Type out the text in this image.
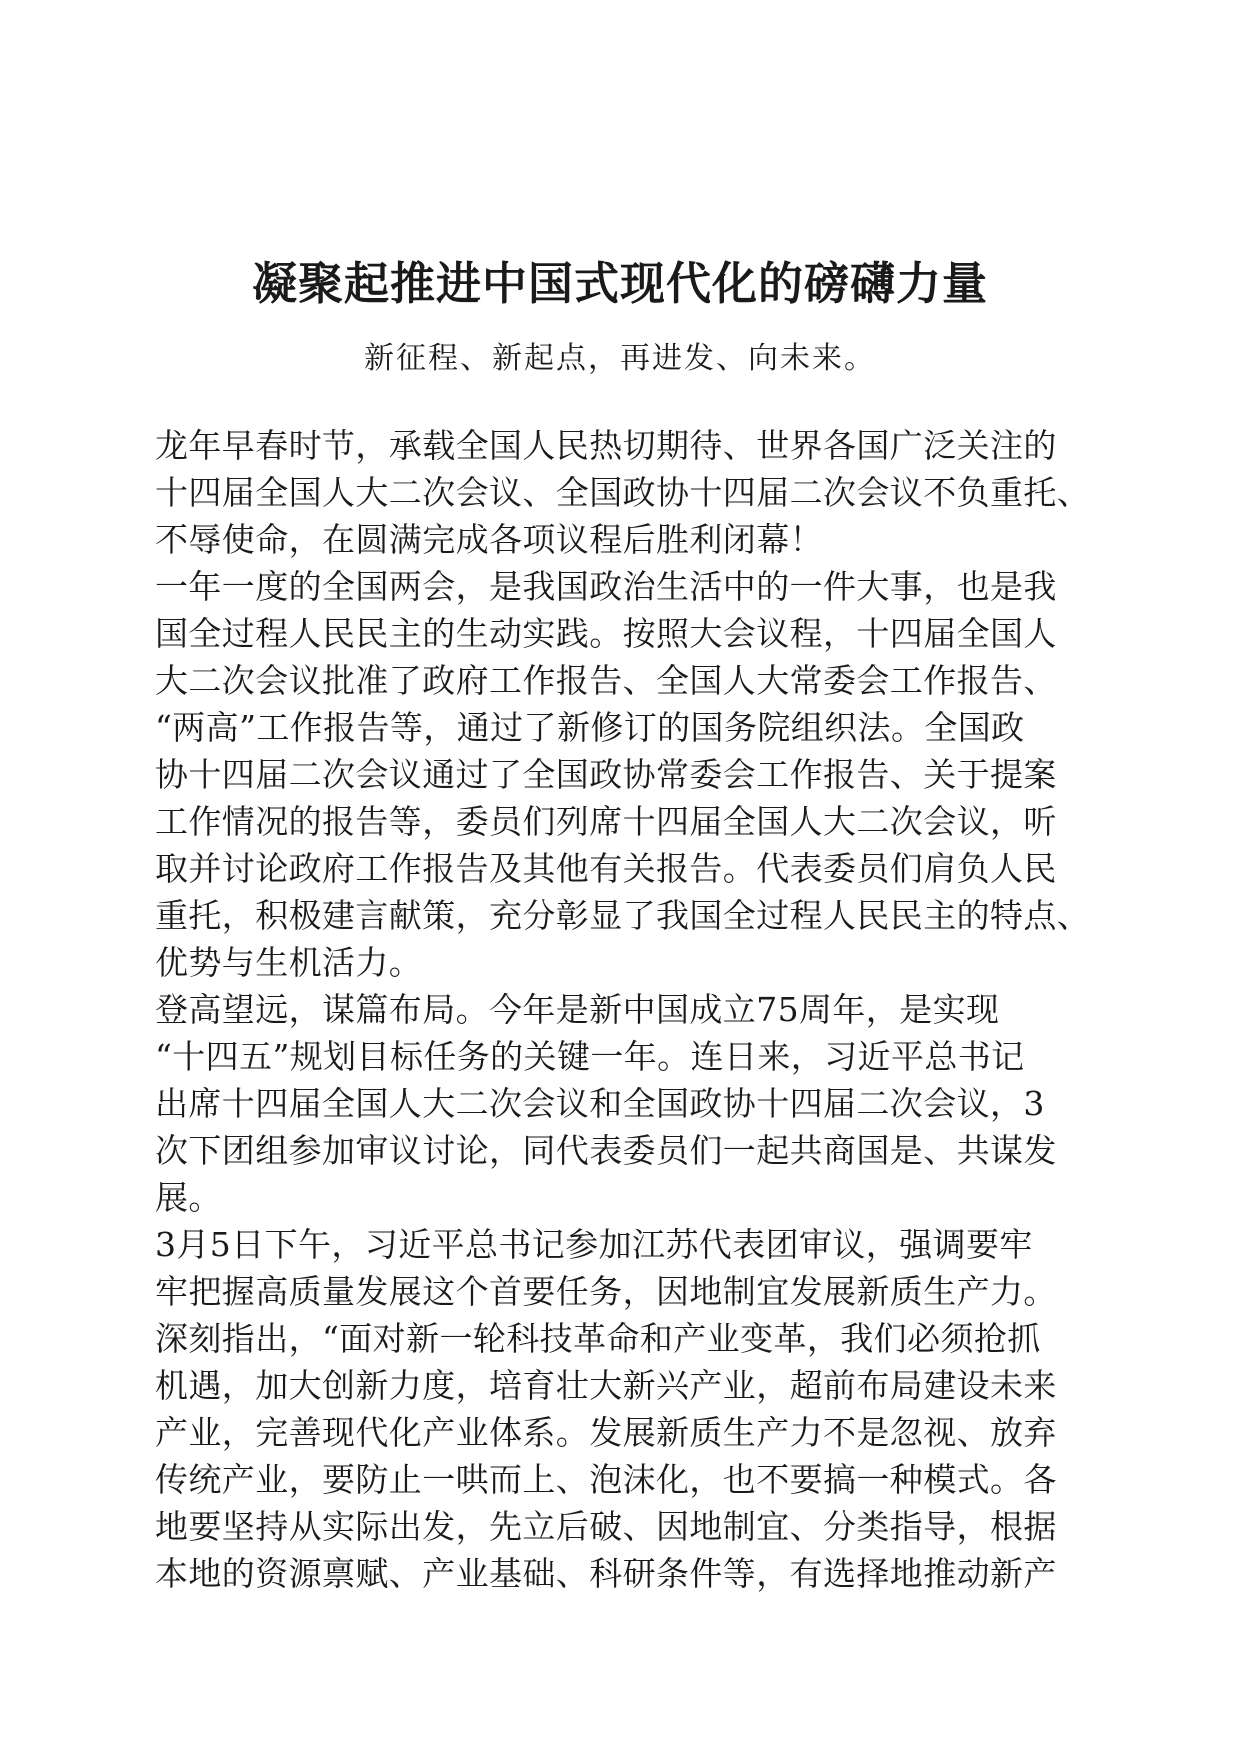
凝聚起推进中国式现代化的磅礴力量
新征程、新起点，再进发、向未来。
龙年早春时节，承载全国人民热切期待、世界各国广泛关注的
十四届全国人大二次会议、全国政协十四届二次会议不负重托、
不辱使命，在圆满完成各项议程后胜利闭幕！
一年一度的全国两会，是我国政治生活中的一件大事，也是我
国全过程人民民主的生动实践。按照大会议程，十四届全国人
大二次会议批准了政府工作报告、全国人大常委会工作报告、
“两高”工作报告等，通过了新修订的国务院组织法。全国政
协十四届二次会议通过了全国政协常委会工作报告、关于提案
工作情况的报告等，委员们列席十四届全国人大二次会议，听
取并讨论政府工作报告及其他有关报告。代表委员们肩负人民
重托，积极建言献策，充分彰显了我国全过程人民民主的特点、
优势与生机活力。
登高望远，谋篇布局。今年是新中国成立75周年，是实现
“十四五”规划目标任务的关键一年。连日来，习近平总书记
出席十四届全国人大二次会议和全国政协十四届二次会议，3
次下团组参加审议讨论，同代表委员们一起共商国是、共谋发
展。
3月5日下午，习近平总书记参加江苏代表团审议，强调要牢
牢把握高质量发展这个首要任务，因地制宜发展新质生产力。
深刻指出，“面对新一轮科技革命和产业变革，我们必须抢抓
机遇，加大创新力度，培育壮大新兴产业，超前布局建设未来
产业，完善现代化产业体系。发展新质生产力不是忽视、放弃
传统产业，要防止一哄而上、泡沫化，也不要搞一种模式。各
地要坚持从实际出发，先立后破、因地制宜、分类指导，根据
本地的资源禀赋、产业基础、科研条件等，有选择地推动新产
